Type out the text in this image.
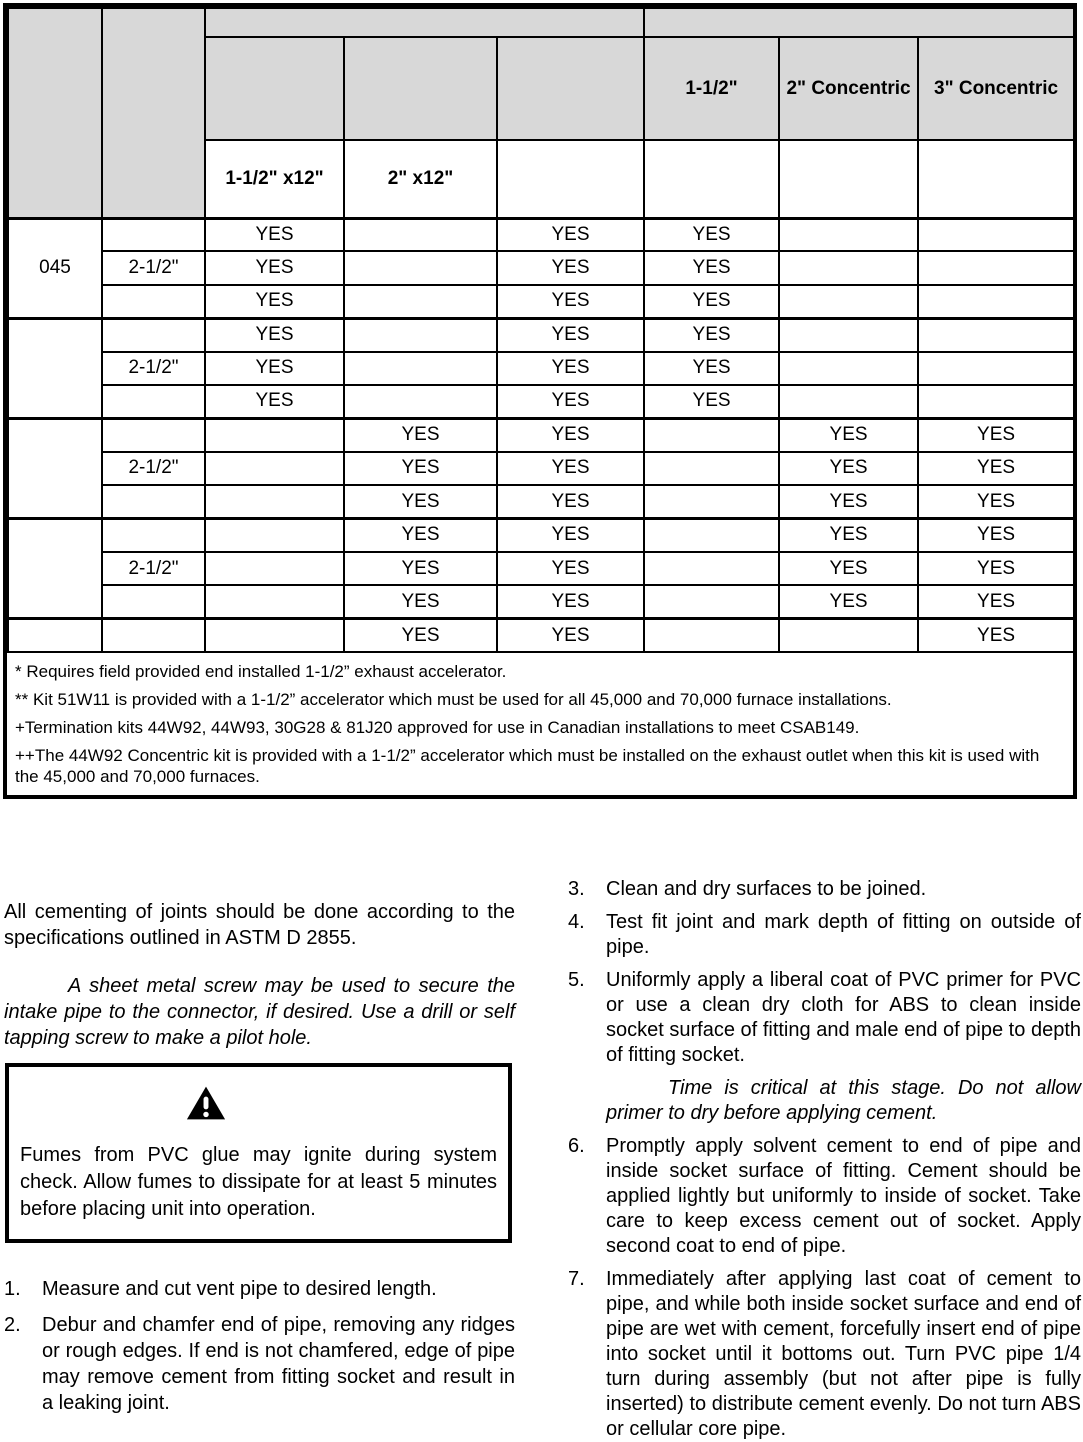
					1-1/2"	2" Concentric	3" Concentric
		1-1/2" x12"	2" x12"				
045		YES		YES	YES		
	2-1/2"	YES		YES	YES		
		YES		YES	YES		
		YES		YES	YES		
	2-1/2"	YES		YES	YES		
		YES		YES	YES		
			YES	YES		YES	YES
	2-1/2"		YES	YES		YES	YES
			YES	YES		YES	YES
			YES	YES		YES	YES
	2-1/2"		YES	YES		YES	YES
			YES	YES		YES	YES
			YES	YES			YES
* Requires field provided end installed 1-1/2” exhaust accelerator.
** Kit 51W11 is provided with a 1-1/2” accelerator which must be used for all 45,000 and 70,000 furnace installations.
+Termination kits 44W92, 44W93, 30G28 & 81J20 approved for use in Canadian installations to meet CSAB149.
++The 44W92 Concentric kit is provided with a 1-1/2” accelerator which must be installed on the exhaust outlet when this kit is used with the 45,000 and 70,000 furnaces.

All cementing of joints should be done according to the specifications outlined in ASTM D 2855.

A sheet metal screw may be used to secure the intake pipe to the connector, if desired. Use a drill or self tapping screw to make a pilot hole.

Fumes from PVC glue may ignite during system check. Allow fumes to dissipate for at least 5 minutes before placing unit into operation.

1.	Measure and cut vent pipe to desired length.
2.	Debur and chamfer end of pipe, removing any ridges or rough edges. If end is not chamfered, edge of pipe may remove cement from fitting socket and result in a leaking joint.
3.	Clean and dry surfaces to be joined.
4.	Test fit joint and mark depth of fitting on outside of pipe.
5.	Uniformly apply a liberal coat of PVC primer for PVC or use a clean dry cloth for ABS to clean inside socket surface of fitting and male end of pipe to depth of fitting socket.

Time is critical at this stage. Do not allow primer to dry before applying cement.

6.	Promptly apply solvent cement to end of pipe and inside socket surface of fitting. Cement should be applied lightly but uniformly to inside of socket. Take care to keep excess cement out of socket. Apply second coat to end of pipe.
7.	Immediately after applying last coat of cement to pipe, and while both inside socket surface and end of pipe are wet with cement, forcefully insert end of pipe into socket until it bottoms out. Turn PVC pipe 1/4 turn during assembly (but not after pipe is fully inserted) to distribute cement evenly. Do not turn ABS or cellular core pipe.
